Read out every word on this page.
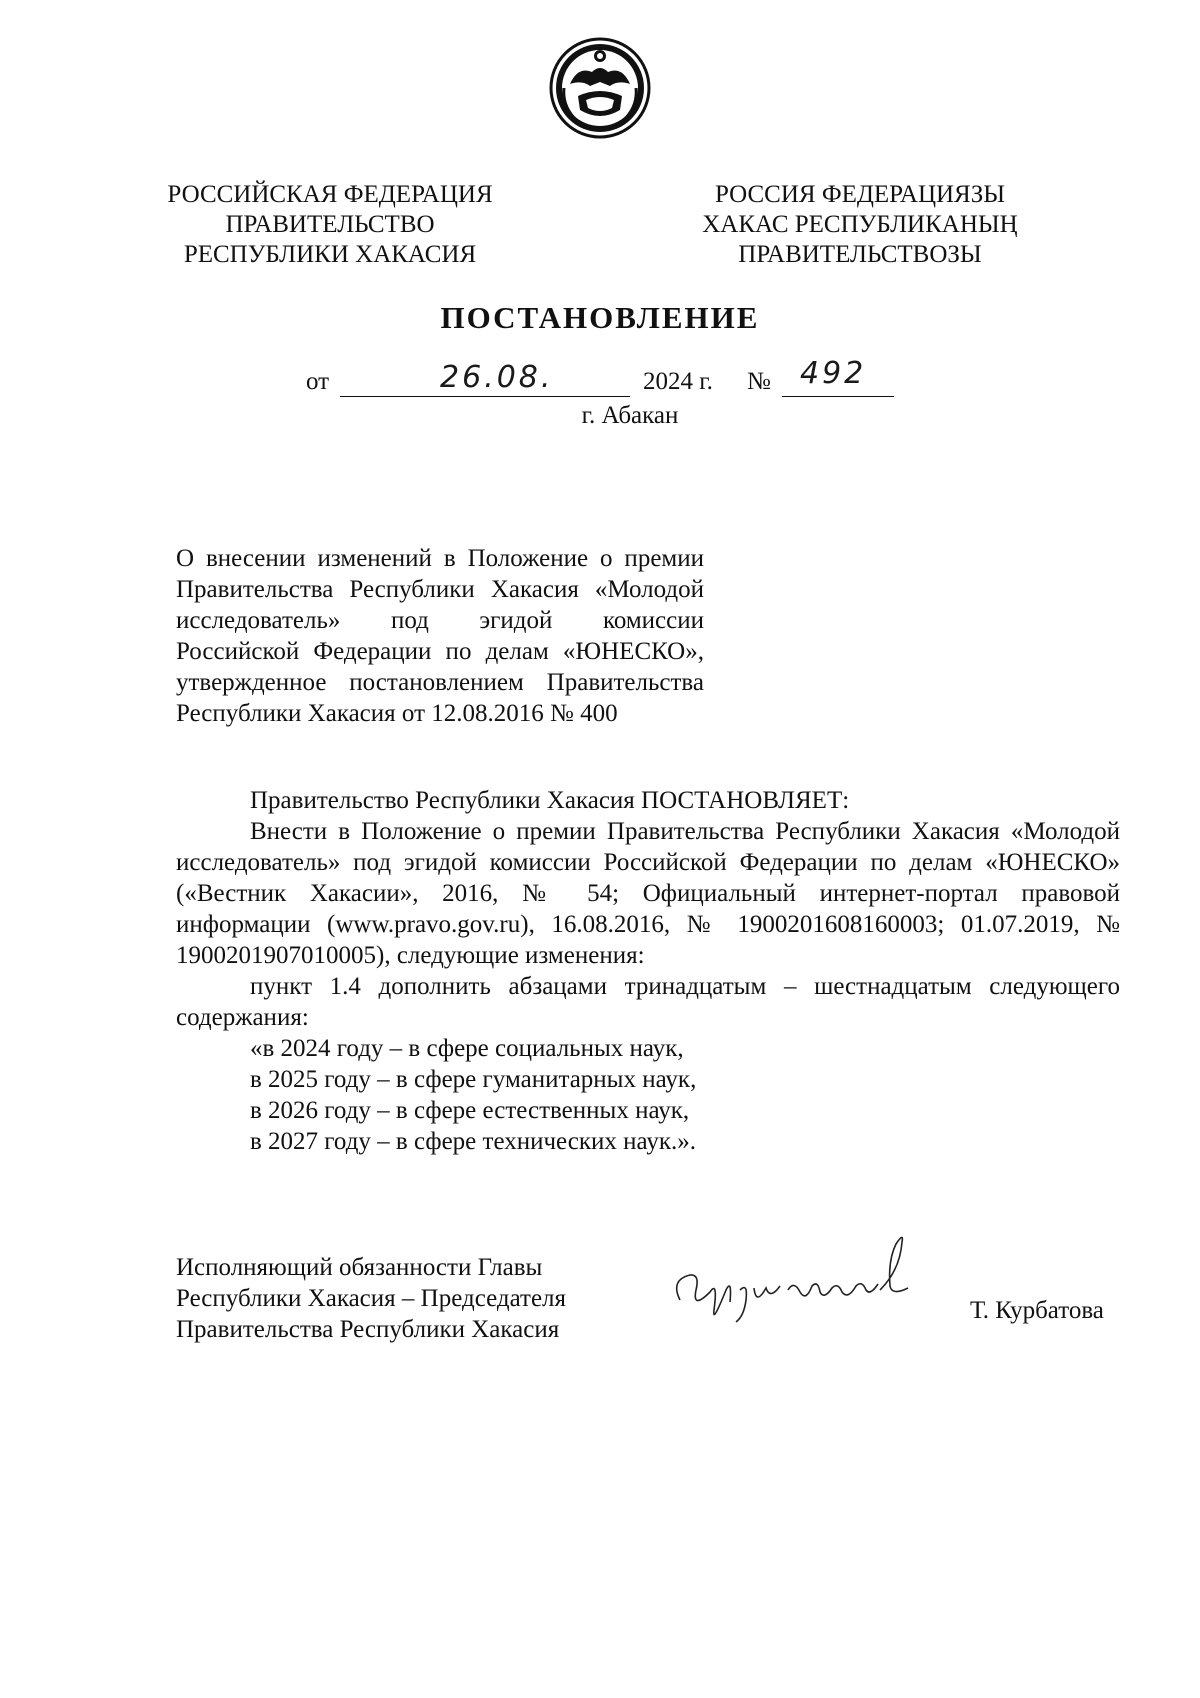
РОССИЙСКАЯ ФЕДЕРАЦИЯ
ПРАВИТЕЛЬСТВО
РЕСПУБЛИКИ ХАКАСИЯ
РОССИЯ ФЕДЕРАЦИЯЗЫ
ХАКАС РЕСПУБЛИКАНЫҢ
ПРАВИТЕЛЬСТВОЗЫ
ПОСТАНОВЛЕНИЕ
от	26.08.	2024 г. № 492
г. Абакан
О внесении изменений в Положение о премии
Правительства Республики Хакасия «Молодой
исследователь» под эгидой комиссии
Российской Федерации по делам «ЮНЕСКО»,
утвержденное постановлением Правительства
Республики Хакасия от 12.08.2016 № 400
Правительство Республики Хакасия ПОСТАНОВЛЯЕТ:
Внести в Положение о премии Правительства Республики Хакасия «Молодой исследователь» под эгидой комиссии Российской Федерации по делам «ЮНЕСКО» («Вестник Хакасии», 2016, № 54; Официальный интернет-портал правовой информации (www.pravo.gov.ru), 16.08.2016, № 1900201608160003; 01.07.2019, № 1900201907010005), следующие изменения:
пункт 1.4 дополнить абзацами тринадцатым – шестнадцатым следующего содержания:
«в 2024 году – в сфере социальных наук,
в 2025 году – в сфере гуманитарных наук,
в 2026 году – в сфере естественных наук,
в 2027 году – в сфере технических наук.».
Исполняющий обязанности Главы
Республики Хакасия – Председателя
Правительства Республики Хакасия
Т. Курбатова
